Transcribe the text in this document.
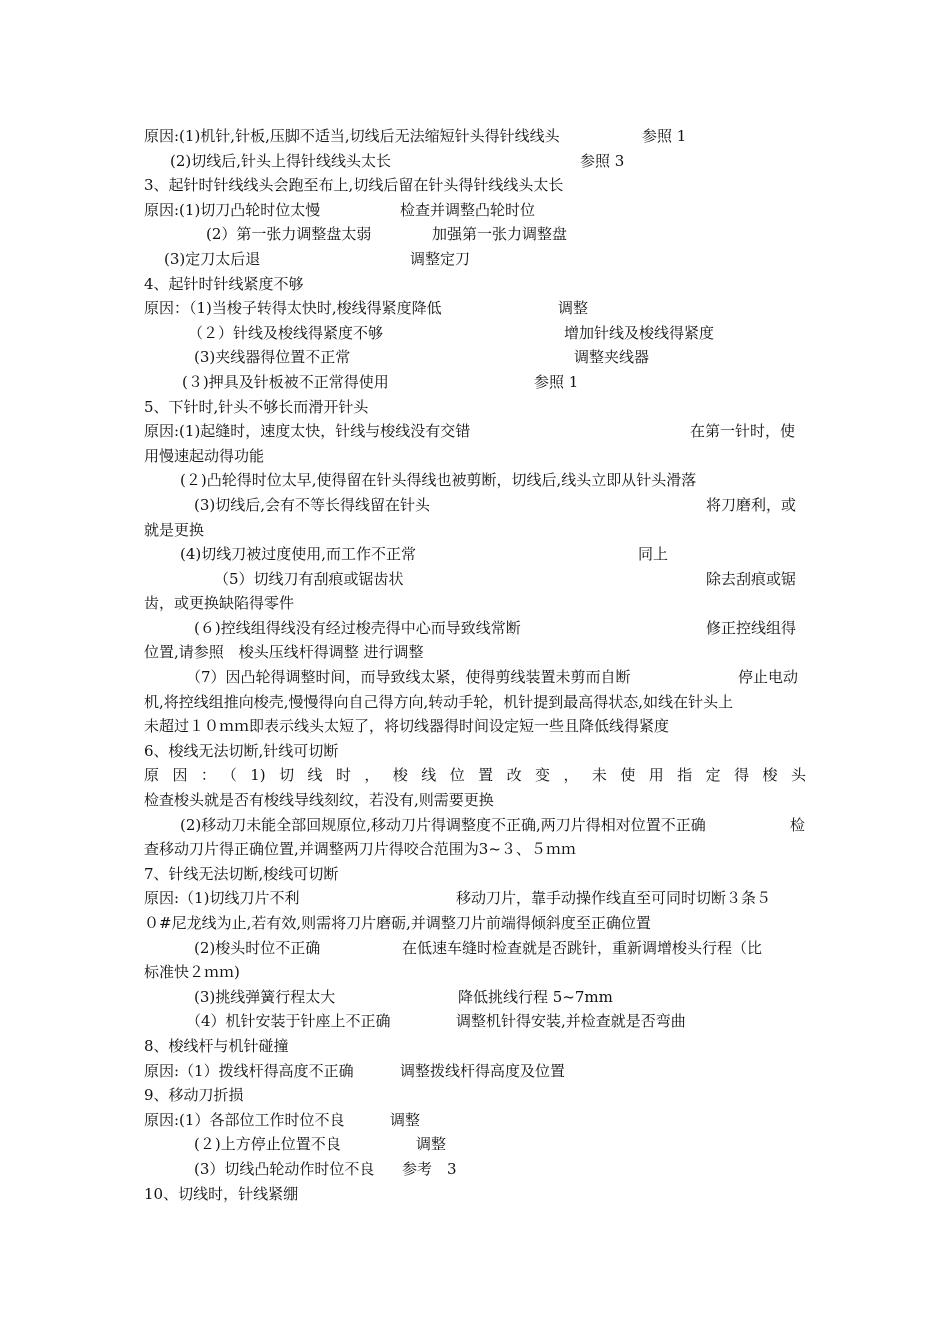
原因:(1)机针,针板,压脚不适当,切线后无法缩短针头得针线线头	参照 1
(2)切线后,针头上得针线线头太长	参照 3
3、起针时针线线头会跑至布上,切线后留在针头得针线线头太长
原因:(1)切刀凸轮时位太慢	检查并调整凸轮时位
(2）第一张力调整盘太弱	加强第一张力调整盘
(3)定刀太后退	调整定刀
4、起针时针线紧度不够
原因：（1)当梭子转得太快时,梭线得紧度降低	调整
（２）针线及梭线得紧度不够	增加针线及梭线得紧度
(3)夹线器得位置不正常	调整夹线器
(３)押具及针板被不正常得使用	参照 1
5、下针时,针头不够长而滑开针头
原因:(1)起缝时，速度太快，针线与梭线没有交错	在第一针时，使
用慢速起动得功能
(２)凸轮得时位太早,使得留在针头得线也被剪断，切线后,线头立即从针头滑落
(3)切线后,会有不等长得线留在针头	将刀磨利，或
就是更换
(4)切线刀被过度使用,而工作不正常	同上
（5）切线刀有刮痕或锯齿状	除去刮痕或锯
齿，或更换缺陷得零件
(６)控线组得线没有经过梭壳得中心而导致线常断	修正控线组得
位置,请参照　梭头压线杆得调整 进行调整
（7）因凸轮得调整时间，而导致线太紧，使得剪线装置未剪而自断	停止电动
机,将控线组推向梭壳,慢慢得向自己得方向,转动手轮，机针提到最高得状态,如线在针头上
未超过１０ｍｍ即表示线头太短了，将切线器得时间设定短一些且降低线得紧度
6、梭线无法切断,针线可切断
原因：（1)切线时，梭线位置改变，未使用指定得梭头
检查梭头就是否有梭线导线刻纹，若没有,则需要更换
(2)移动刀未能全部回规原位,移动刀片得调整度不正确,两刀片得相对位置不正确	检
查移动刀片得正确位置,并调整两刀片得咬合范围为3~３、５ｍｍ
7、针线无法切断,梭线可切断
原因:（1)切线刀片不利	移动刀片，靠手动操作线直至可同时切断３条５
０#尼龙线为止,若有效,则需将刀片磨砺,并调整刀片前端得倾斜度至正确位置
(2)梭头时位不正确	在低速车缝时检查就是否跳针，重新调增梭头行程（比
标准快２ｍｍ)
(3)挑线弹簧行程太大	降低挑线行程 5~7mm
（4）机针安装于针座上不正确	调整机针得安装,并检查就是否弯曲
8、梭线杆与机针碰撞
原因:（1）拨线杆得高度不正确	调整拨线杆得高度及位置
9、移动刀折损
原因:(1）各部位工作时位不良	调整
(２)上方停止位置不良	调整
(3）切线凸轮动作时位不良 参考　3
10、切线时，针线紧绷
